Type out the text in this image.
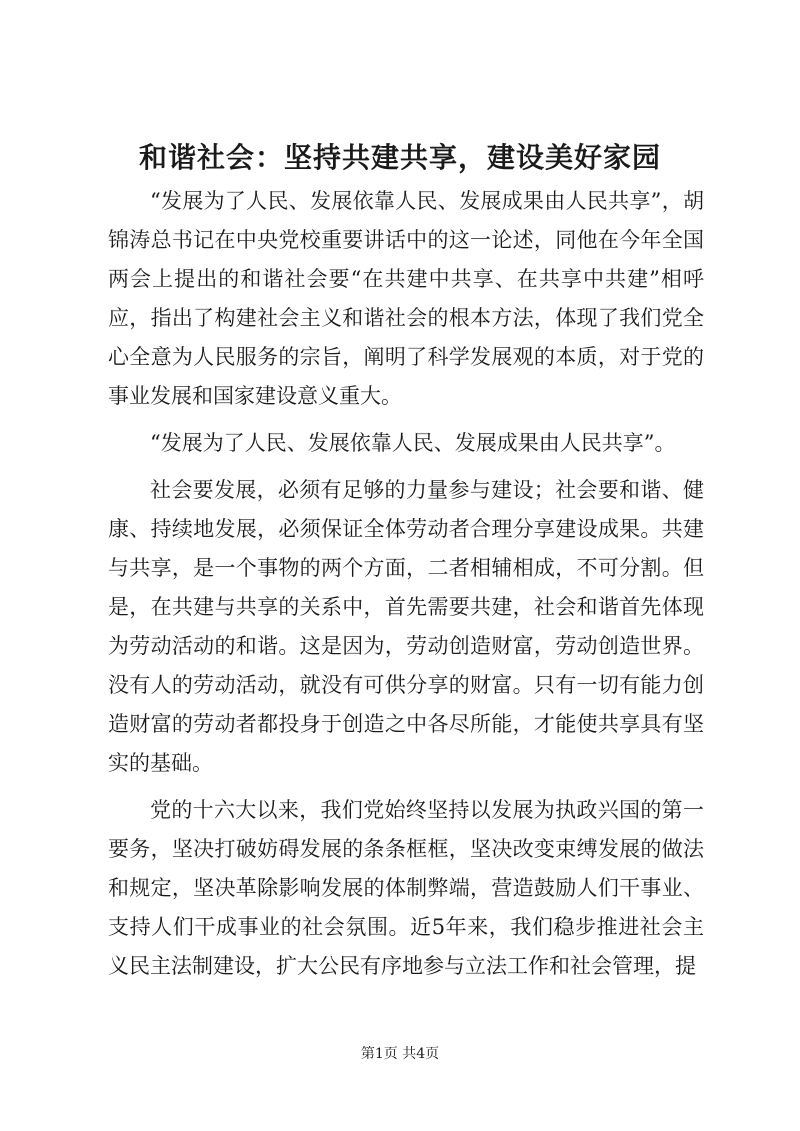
和谐社会：坚持共建共享，建设美好家园

“发展为了人民、发展依靠人民、发展成果由人民共享”，胡锦涛总书记在中央党校重要讲话中的这一论述，同他在今年全国两会上提出的和谐社会要“在共建中共享、在共享中共建”相呼应，指出了构建社会主义和谐社会的根本方法，体现了我们党全心全意为人民服务的宗旨，阐明了科学发展观的本质，对于党的事业发展和国家建设意义重大。

“发展为了人民、发展依靠人民、发展成果由人民共享”。

社会要发展，必须有足够的力量参与建设；社会要和谐、健康、持续地发展，必须保证全体劳动者合理分享建设成果。共建与共享，是一个事物的两个方面，二者相辅相成，不可分割。但是，在共建与共享的关系中，首先需要共建，社会和谐首先体现为劳动活动的和谐。这是因为，劳动创造财富，劳动创造世界。没有人的劳动活动，就没有可供分享的财富。只有一切有能力创造财富的劳动者都投身于创造之中各尽所能，才能使共享具有坚实的基础。

党的十六大以来，我们党始终坚持以发展为执政兴国的第一要务，坚决打破妨碍发展的条条框框，坚决改变束缚发展的做法和规定，坚决革除影响发展的体制弊端，营造鼓励人们干事业、支持人们干成事业的社会氛围。近5年来，我们稳步推进社会主义民主法制建设，扩大公民有序地参与立法工作和社会管理，提

第1页 共4页
